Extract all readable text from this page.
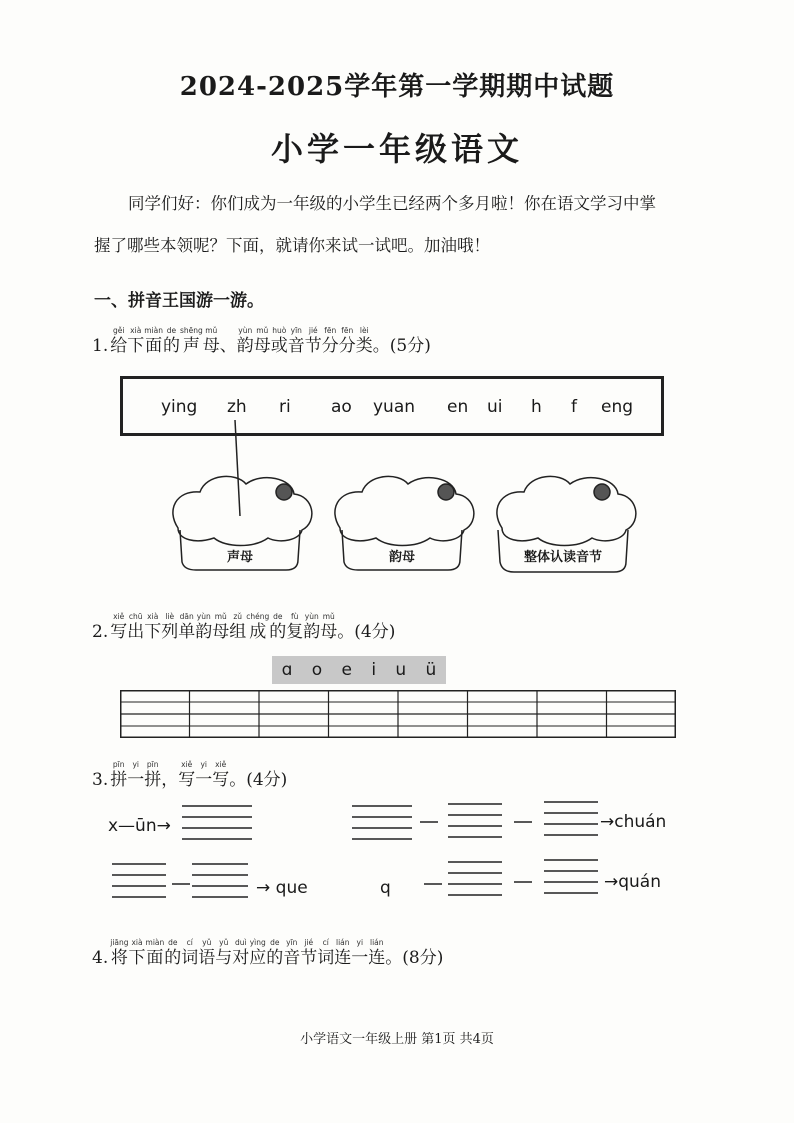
2024-2025学年第一学期期中试题
小学一年级语文
同学们好：你们成为一年级的小学生已经两个多月啦！你在语文学习中掌
握了哪些本领呢？下面，就请你来试一试吧。加油哦！
一、拼音王国游一游。
1.
gěi
给
xià
下
miàn
面
de
的
shēng
声
mǔ
母
、
yùn
韵
mǔ
母
huò
或
yīn
音
jié
节
fēn
分
fēn
分
lèi
类 。(5分)
ying zh ri ao yuan en ui h f eng
声母	韵母	整体认读音节
2.
xiě
写
chū
出
xià
下
liè
列
dān
单
yùn
韵
mǔ
母
zǔ
组
chéng
成
de
的
fù
复
yùn
韵
mǔ
母 。(4分)
ɑ o e i u ü
3.
pīn
拼
yi
一
pīn
拼
，
xiě
写
yi
一
xiě
写 。(4分)
x—ūn→	→chuán
→ que	q	→quán
4.
jiāng
将
xià
下
miàn
面
de
的
cí
词
yǔ
语
yǔ
与
duì
对
yìng
应
de
的
yīn
音
jié
节
cí
词
lián
连
yi
一
lián
连 。(8分)
小学语文一年级上册 第1页 共4页
